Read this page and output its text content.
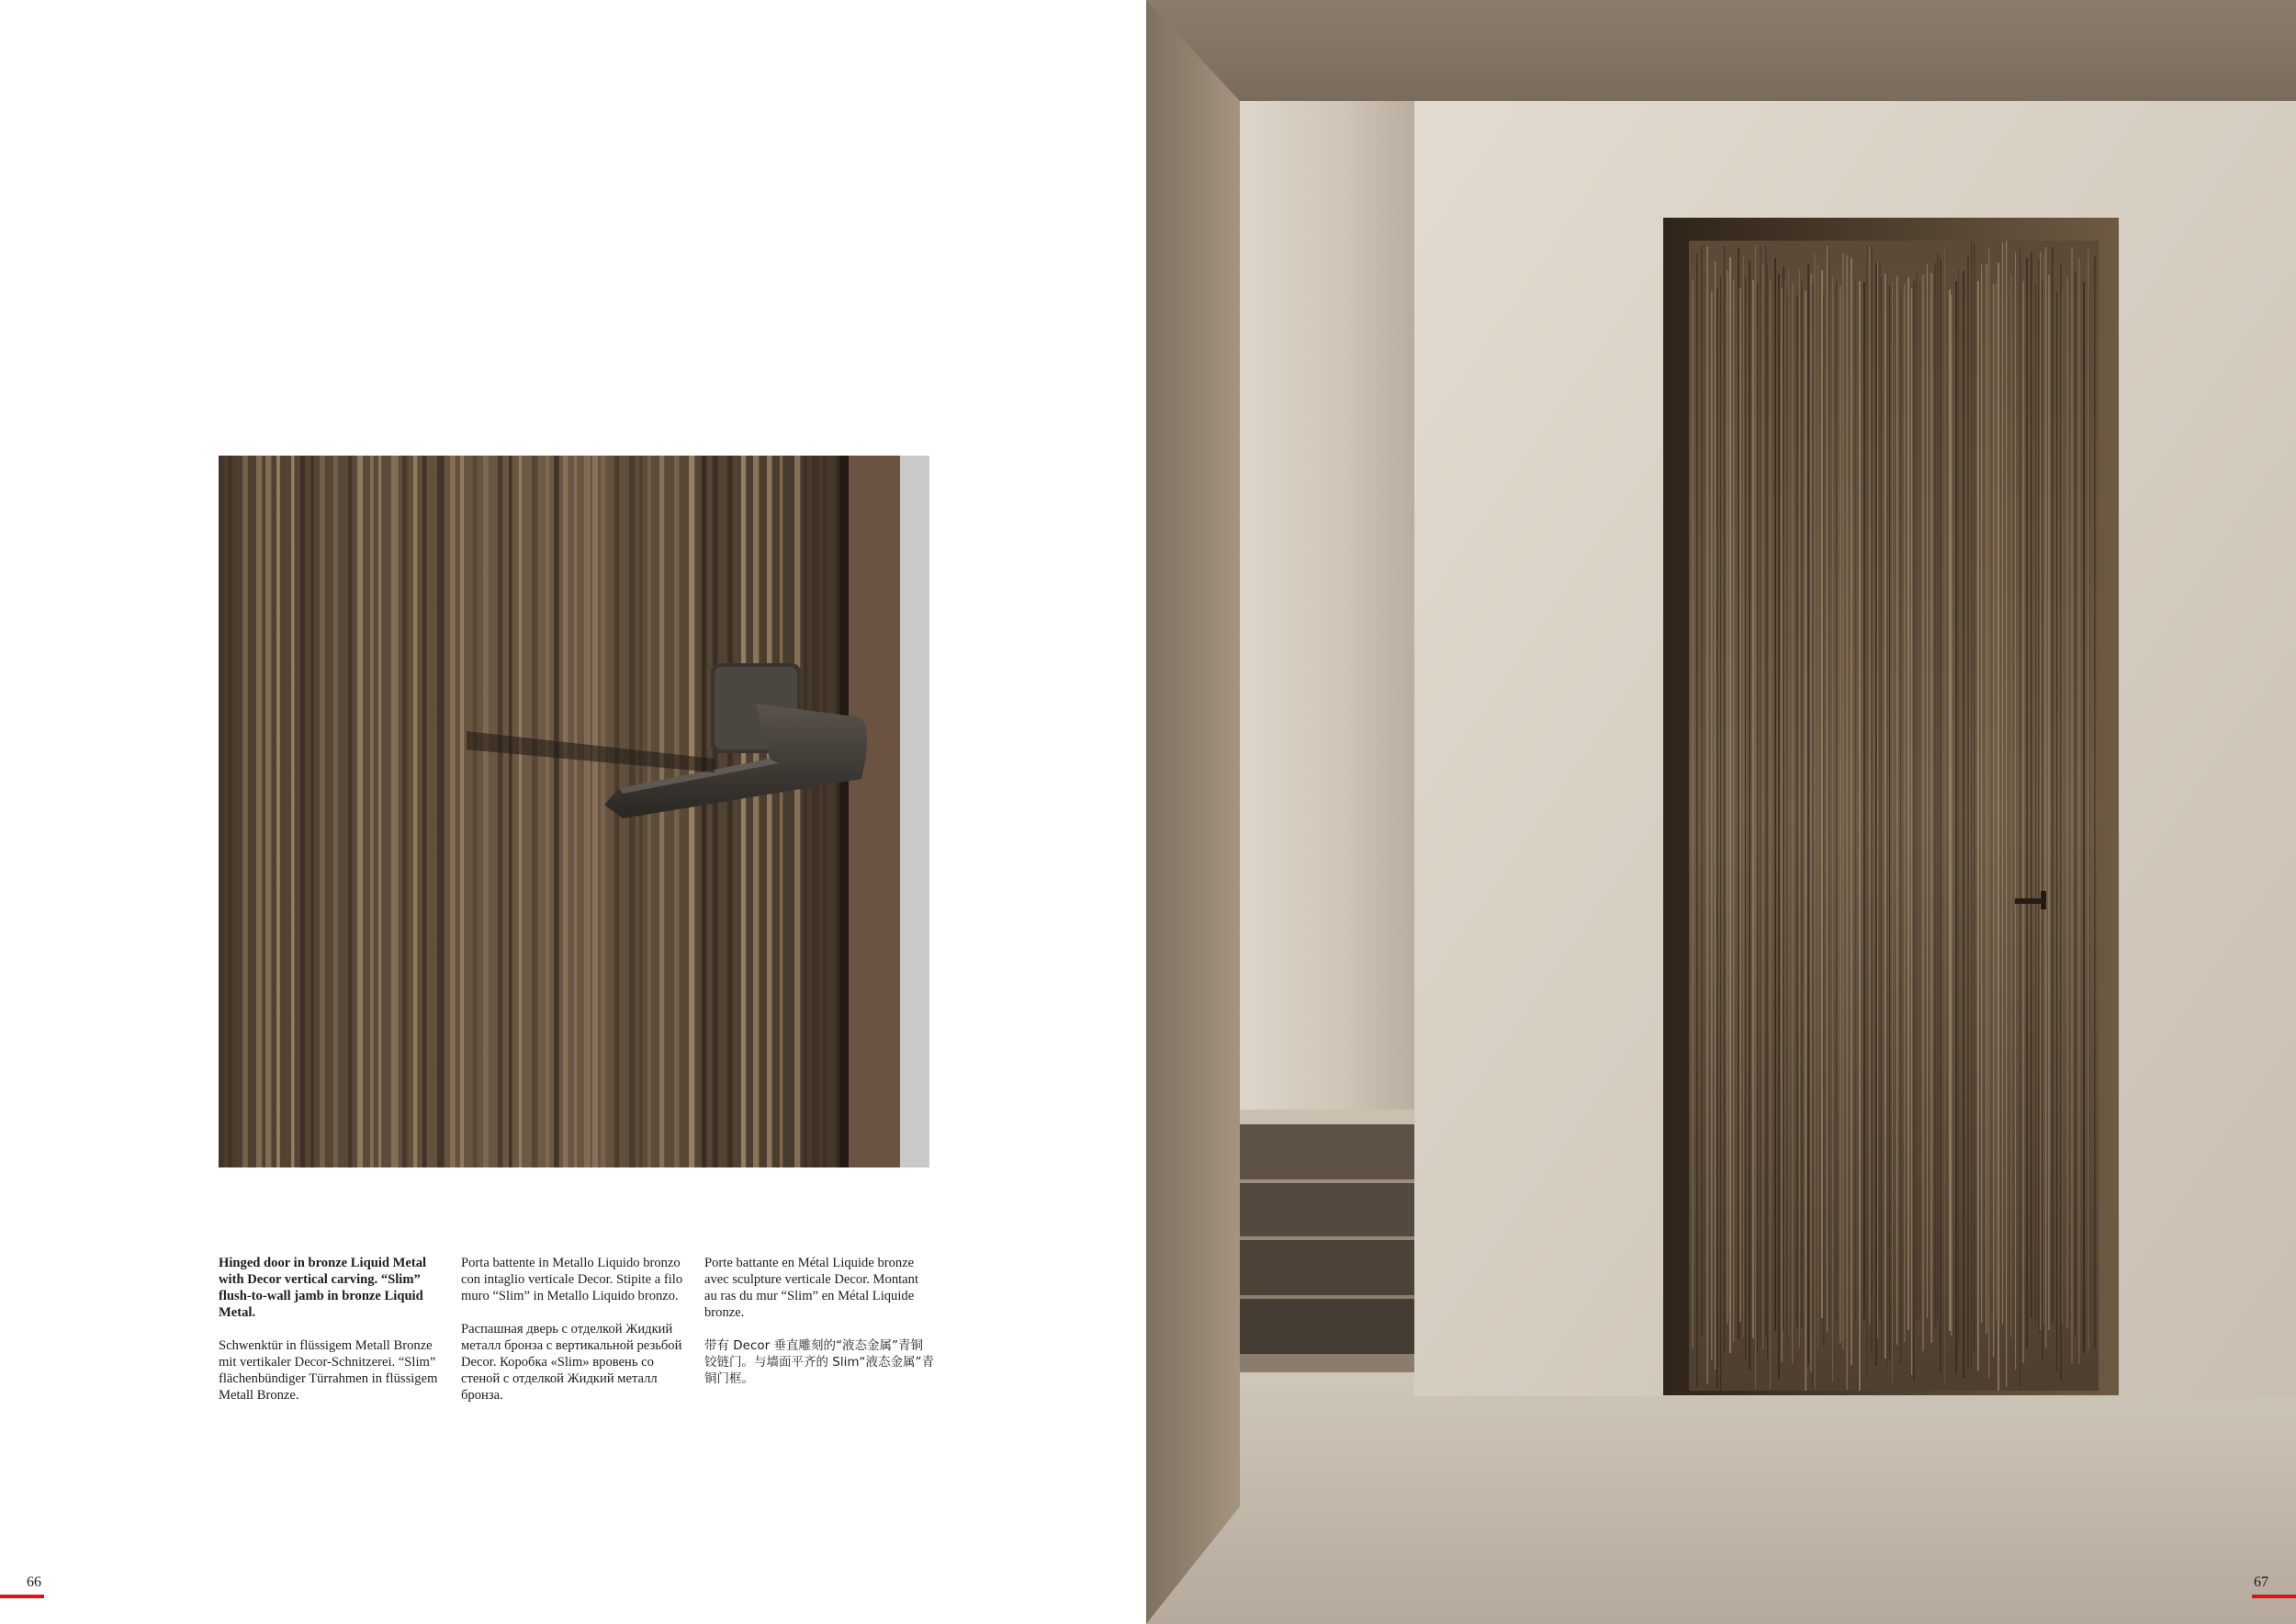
Hinged door in bronze Liquid Metal with Decor vertical carving. “Slim” flush-to-wall jamb in bronze Liquid Metal.

Schwenktür in flüssigem Metall Bronze mit vertikaler Decor-Schnitzerei. “Slim” flächenbündiger Türrahmen in flüssigem Metall Bronze.

Porta battente in Metallo Liquido bronzo con intaglio verticale Decor. Stipite a filo muro “Slim” in Metallo Liquido bronzo.

Распашная дверь с отделкой Жидкий металл бронза с вертикальной резьбой Decor. Коробка «Slim» вровень со стеной с отделкой Жидкий металл бронза.

Porte battante en Métal Liquide bronze avec sculpture verticale Decor. Montant au ras du mur “Slim” en Métal Liquide bronze.

带有 Decor 垂直雕刻的“液态金属”青铜铰链门。与墙面平齐的 Slim“液态金属”青铜门框。

66	67
